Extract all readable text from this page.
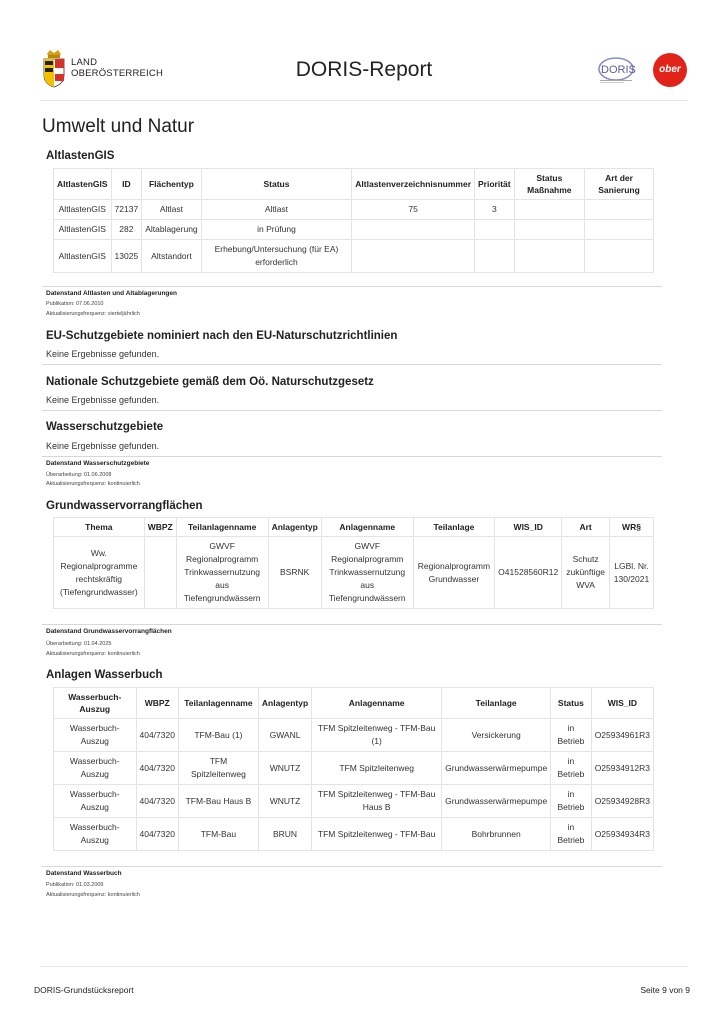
LAND
OBERÖSTERREICH	DORIS-Report	DORIS ober
Umwelt und Natur
AltlastenGIS
AltlastenGIS	ID	Flächentyp	Status	Altlastenverzeichnisnummer	Priorität	Status Maßnahme	Art der Sanierung
AltlastenGIS	72137	Altlast	Altlast	75	3		
AltlastenGIS	282	Altablagerung	in Prüfung				
AltlastenGIS	13025	Altstandort	Erhebung/Untersuchung (für EA) erforderlich				
Datenstand Altlasten und Altablagerungen
Publikation: 07.06.2010
Aktualisierungsfrequenz: vierteljährlich
EU-Schutzgebiete nominiert nach den EU-Naturschutzrichtlinien
Keine Ergebnisse gefunden.
Nationale Schutzgebiete gemäß dem Oö. Naturschutzgesetz
Keine Ergebnisse gefunden.
Wasserschutzgebiete
Keine Ergebnisse gefunden.
Datenstand Wasserschutzgebiete
Überarbeitung: 01.06.2008
Aktualisierungsfrequenz: kontinuierlich
Grundwasservorrangflächen
Thema	WBPZ	Teilanlagenname	Anlagentyp	Anlagenname	Teilanlage	WIS_ID	Art	WR§
Ww. Regionalprogramme rechtskräftig (Tiefengrundwasser)		GWVF Regionalprogramm Trinkwassernutzung aus Tiefengrundwässern	BSRNK	GWVF Regionalprogramm Trinkwassernutzung aus Tiefengrundwässern	Regionalprogramm Grundwasser	O41528560R12	Schutz zukünftige WVA	LGBl. Nr. 130/2021
Datenstand Grundwasservorrangflächen
Überarbeitung: 01.04.2025
Aktualisierungsfrequenz: kontinuierlich
Anlagen Wasserbuch
Wasserbuch-Auszug	WBPZ	Teilanlagenname	Anlagentyp	Anlagenname	Teilanlage	Status	WIS_ID
Wasserbuch-Auszug	404/7320	TFM-Bau (1)	GWANL	TFM Spitzleitenweg - TFM-Bau (1)	Versickerung	in Betrieb	O25934961R3
Wasserbuch-Auszug	404/7320	TFM Spitzleitenweg	WNUTZ	TFM Spitzleitenweg	Grundwasserwärmepumpe	in Betrieb	O25934912R3
Wasserbuch-Auszug	404/7320	TFM-Bau Haus B	WNUTZ	TFM Spitzleitenweg - TFM-Bau Haus B	Grundwasserwärmepumpe	in Betrieb	O25934928R3
Wasserbuch-Auszug	404/7320	TFM-Bau	BRUN	TFM Spitzleitenweg - TFM-Bau	Bohrbrunnen	in Betrieb	O25934934R3
Datenstand Wasserbuch
Publikation: 01.03.2009
Aktualisierungsfrequenz: kontinuierlich
DORIS-Grundstücksreport	Seite 9 von 9
